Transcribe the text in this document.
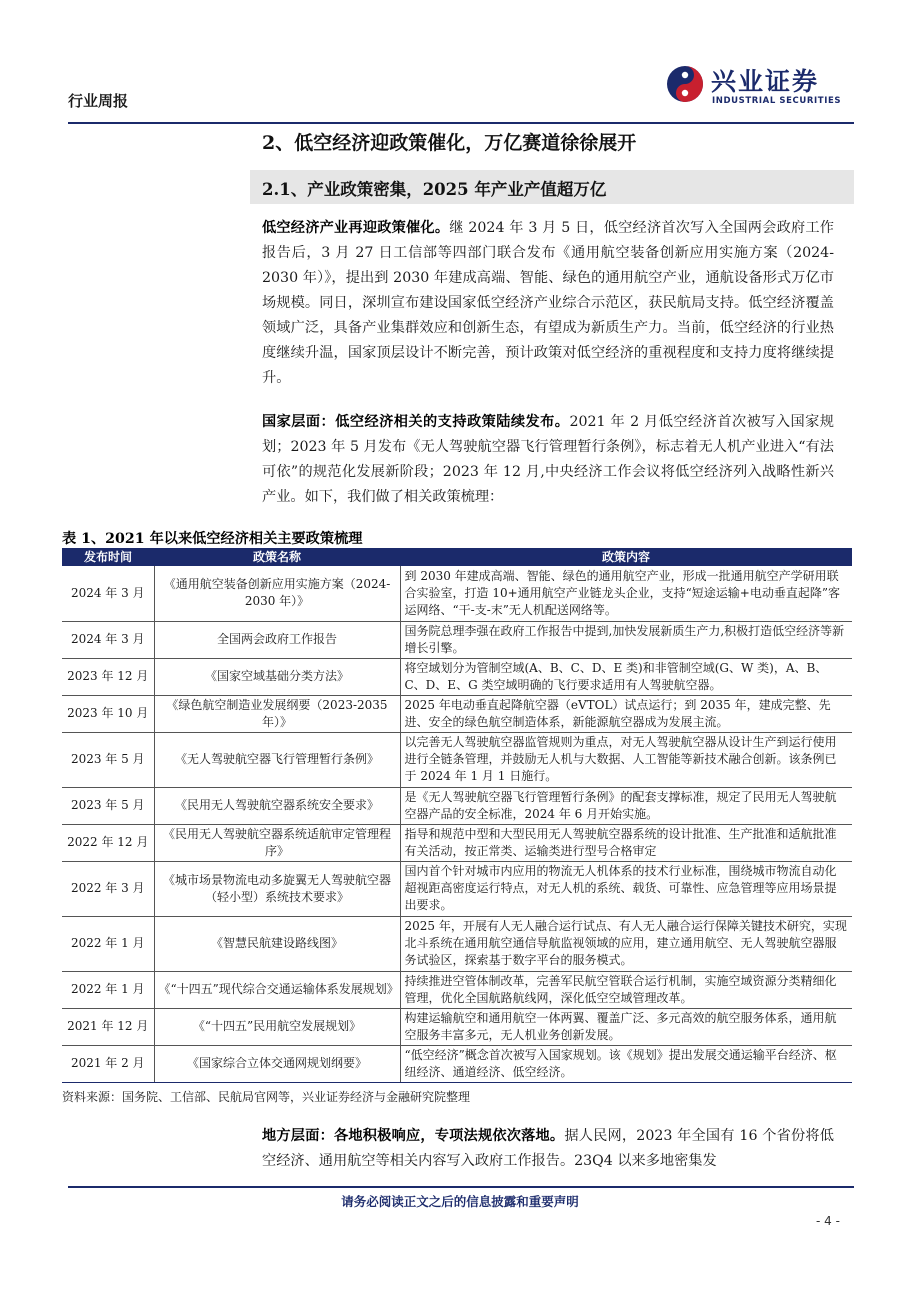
行业周报
兴业证券
INDUSTRIAL SECURITIES
2、低空经济迎政策催化，万亿赛道徐徐展开
2.1、产业政策密集，2025 年产业产值超万亿
低空经济产业再迎政策催化。继 2024 年 3 月 5 日，低空经济首次写入全国两会政府工作报告后，3 月 27 日工信部等四部门联合发布《通用航空装备创新应用实施方案（2024-2030 年）》，提出到 2030 年建成高端、智能、绿色的通用航空产业，通航设备形式万亿市场规模。同日，深圳宣布建设国家低空经济产业综合示范区，获民航局支持。低空经济覆盖领域广泛，具备产业集群效应和创新生态，有望成为新质生产力。当前，低空经济的行业热度继续升温，国家顶层设计不断完善，预计政策对低空经济的重视程度和支持力度将继续提升。
国家层面：低空经济相关的支持政策陆续发布。2021 年 2 月低空经济首次被写入国家规划；2023 年 5 月发布《无人驾驶航空器飞行管理暂行条例》，标志着无人机产业进入“有法可依”的规范化发展新阶段；2023 年 12 月,中央经济工作会议将低空经济列入战略性新兴产业。如下，我们做了相关政策梳理：
表 1、2021 年以来低空经济相关主要政策梳理
发布时间	政策名称	政策内容
2024 年 3 月	《通用航空装备创新应用实施方案（2024-2030 年）》	到 2030 年建成高端、智能、绿色的通用航空产业，形成一批通用航空产学研用联合实验室，打造 10+通用航空产业链龙头企业，支持“短途运输+电动垂直起降”客运网络、“干-支-末”无人机配送网络等。
2024 年 3 月	全国两会政府工作报告	国务院总理李强在政府工作报告中提到,加快发展新质生产力,积极打造低空经济等新增长引擎。
2023 年 12 月	《国家空域基础分类方法》	将空域划分为管制空域(A、B、C、D、E 类)和非管制空域(G、W 类)，A、B、C、D、E、G 类空域明确的飞行要求适用有人驾驶航空器。
2023 年 10 月	《绿色航空制造业发展纲要（2023-2035 年）》	2025 年电动垂直起降航空器（eVTOL）试点运行；到 2035 年，建成完整、先进、安全的绿色航空制造体系，新能源航空器成为发展主流。
2023 年 5 月	《无人驾驶航空器飞行管理暂行条例》	以完善无人驾驶航空器监管规则为重点，对无人驾驶航空器从设计生产到运行使用进行全链条管理，并鼓励无人机与大数据、人工智能等新技术融合创新。该条例已于 2024 年 1 月 1 日施行。
2023 年 5 月	《民用无人驾驶航空器系统安全要求》	是《无人驾驶航空器飞行管理暂行条例》的配套支撑标准，规定了民用无人驾驶航空器产品的安全标准，2024 年 6 月开始实施。
2022 年 12 月	《民用无人驾驶航空器系统适航审定管理程序》	指导和规范中型和大型民用无人驾驶航空器系统的设计批准、生产批准和适航批准有关活动，按正常类、运输类进行型号合格审定
2022 年 3 月	《城市场景物流电动多旋翼无人驾驶航空器（轻小型）系统技术要求》	国内首个针对城市内应用的物流无人机体系的技术行业标准，围绕城市物流自动化超视距高密度运行特点，对无人机的系统、载货、可靠性、应急管理等应用场景提出要求。
2022 年 1 月	《智慧民航建设路线图》	2025 年，开展有人无人融合运行试点、有人无人融合运行保障关键技术研究，实现北斗系统在通用航空通信导航监视领域的应用，建立通用航空、无人驾驶航空器服务试验区，探索基于数字平台的服务模式。
2022 年 1 月	《“十四五”现代综合交通运输体系发展规划》	持续推进空管体制改革，完善军民航空管联合运行机制，实施空域资源分类精细化管理，优化全国航路航线网，深化低空空域管理改革。
2021 年 12 月	《“十四五”民用航空发展规划》	构建运输航空和通用航空一体两翼、覆盖广泛、多元高效的航空服务体系，通用航空服务丰富多元，无人机业务创新发展。
2021 年 2 月	《国家综合立体交通网规划纲要》	“低空经济”概念首次被写入国家规划。该《规划》提出发展交通运输平台经济、枢纽经济、通道经济、低空经济。
资料来源：国务院、工信部、民航局官网等，兴业证券经济与金融研究院整理
地方层面：各地积极响应，专项法规依次落地。据人民网，2023 年全国有 16 个省份将低空经济、通用航空等相关内容写入政府工作报告。23Q4 以来多地密集发
请务必阅读正文之后的信息披露和重要声明
- 4 -
